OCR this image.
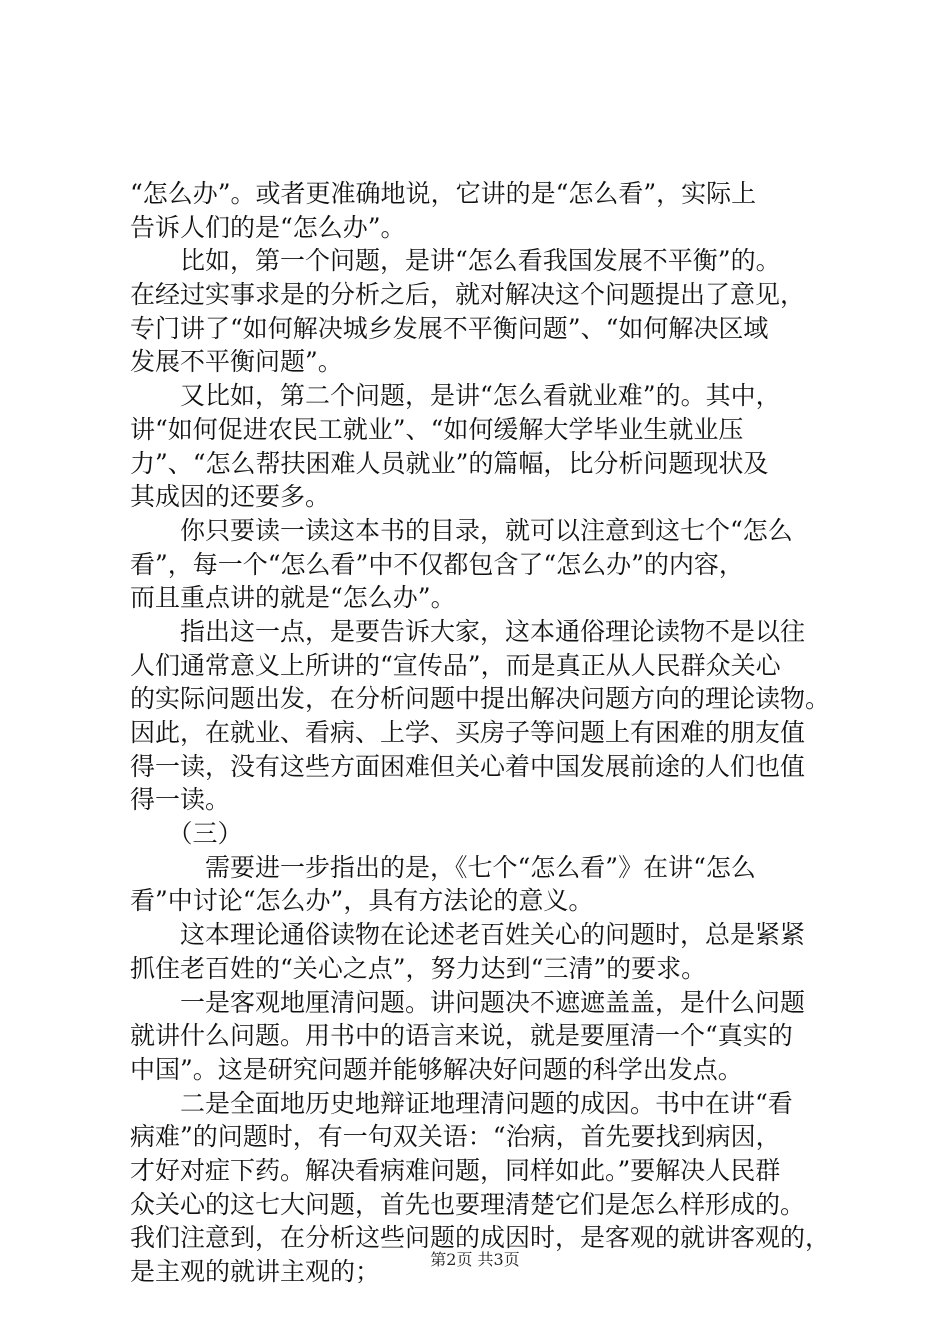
“怎么办”。或者更准确地说，它讲的是“怎么看”，实际上
告诉人们的是“怎么办”。
　　比如，第一个问题，是讲“怎么看我国发展不平衡”的。
在经过实事求是的分析之后，就对解决这个问题提出了意见，
专门讲了“如何解决城乡发展不平衡问题”、“如何解决区域
发展不平衡问题”。
　　又比如，第二个问题，是讲“怎么看就业难”的。其中，
讲“如何促进农民工就业”、“如何缓解大学毕业生就业压
力”、“怎么帮扶困难人员就业”的篇幅，比分析问题现状及
其成因的还要多。
　　你只要读一读这本书的目录，就可以注意到这七个“怎么
看”，每一个“怎么看”中不仅都包含了“怎么办”的内容，
而且重点讲的就是“怎么办”。
　　指出这一点，是要告诉大家，这本通俗理论读物不是以往
人们通常意义上所讲的“宣传品”，而是真正从人民群众关心
的实际问题出发，在分析问题中提出解决问题方向的理论读物。
因此，在就业、看病、上学、买房子等问题上有困难的朋友值
得一读，没有这些方面困难但关心着中国发展前途的人们也值
得一读。
　　（三）
　　　需要进一步指出的是，《七个“怎么看”》在讲“怎么
看”中讨论“怎么办”，具有方法论的意义。
　　这本理论通俗读物在论述老百姓关心的问题时，总是紧紧
抓住老百姓的“关心之点”，努力达到“三清”的要求。
　　一是客观地厘清问题。讲问题决不遮遮盖盖，是什么问题
就讲什么问题。用书中的语言来说，就是要厘清一个“真实的
中国”。这是研究问题并能够解决好问题的科学出发点。
　　二是全面地历史地辩证地理清问题的成因。书中在讲“看
病难”的问题时，有一句双关语：“治病，首先要找到病因，
才好对症下药。解决看病难问题，同样如此。”要解决人民群
众关心的这七大问题，首先也要理清楚它们是怎么样形成的。
我们注意到，在分析这些问题的成因时，是客观的就讲客观的，
是主观的就讲主观的；	第2页 共3页
